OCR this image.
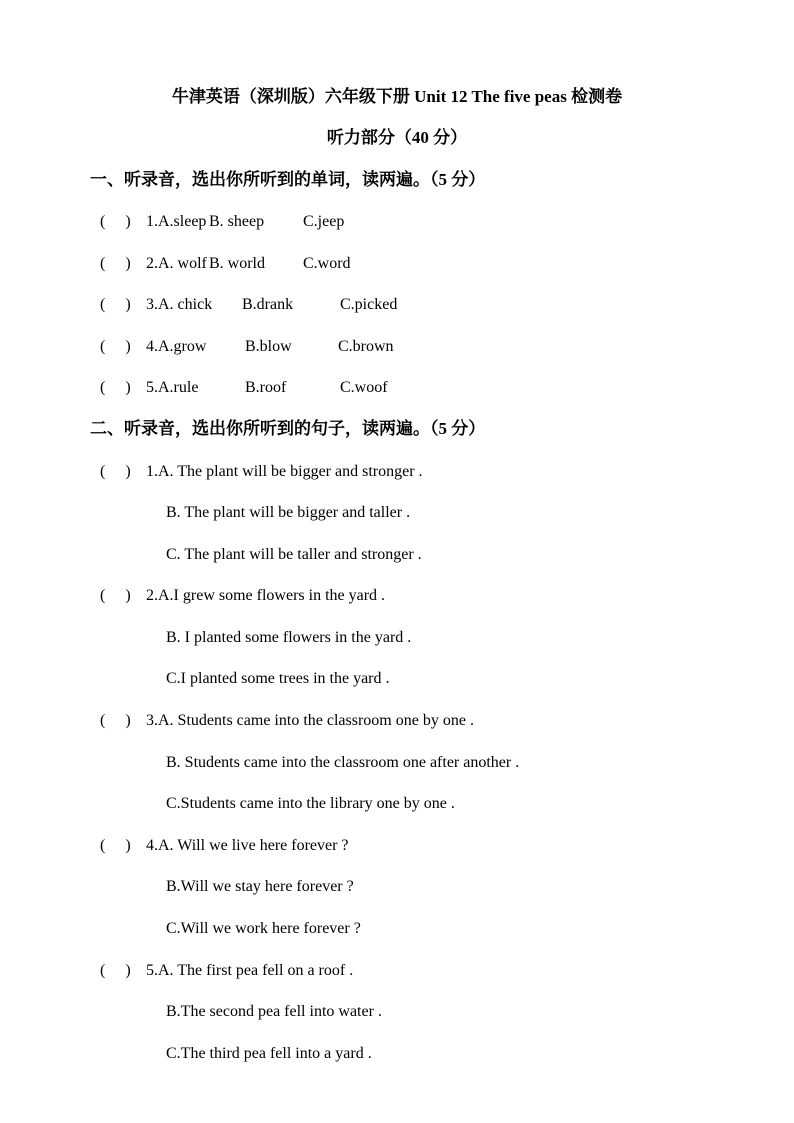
牛津英语（深圳版）六年级下册 Unit 12 The five peas 检测卷
听力部分（40 分）
一、听录音，选出你所听到的单词，读两遍。（5 分）
(　 ) 1.A.sleep B. sheep C.jeep
(　 ) 2.A. wolf B. world C.word
(　 ) 3.A. chick B.drank	C.picked
(　 ) 4.A.grow B.blow	C.brown
(　 ) 5.A.rule	B.roof	C.woof
二、听录音，选出你所听到的句子，读两遍。（5 分）
(　 ) 1.A. The plant will be bigger and stronger .
B. The plant will be bigger and taller .
C. The plant will be taller and stronger .
(　 ) 2.A.I grew some flowers in the yard .
B. I planted some flowers in the yard .
C.I planted some trees in the yard .
(　 ) 3.A. Students came into the classroom one by one .
B. Students came into the classroom one after another .
C.Students came into the library one by one .
(　 ) 4.A. Will we live here forever ?
B.Will we stay here forever ?
C.Will we work here forever ?
(　 ) 5.A. The first pea fell on a roof .
B.The second pea fell into water .
C.The third pea fell into a yard .
